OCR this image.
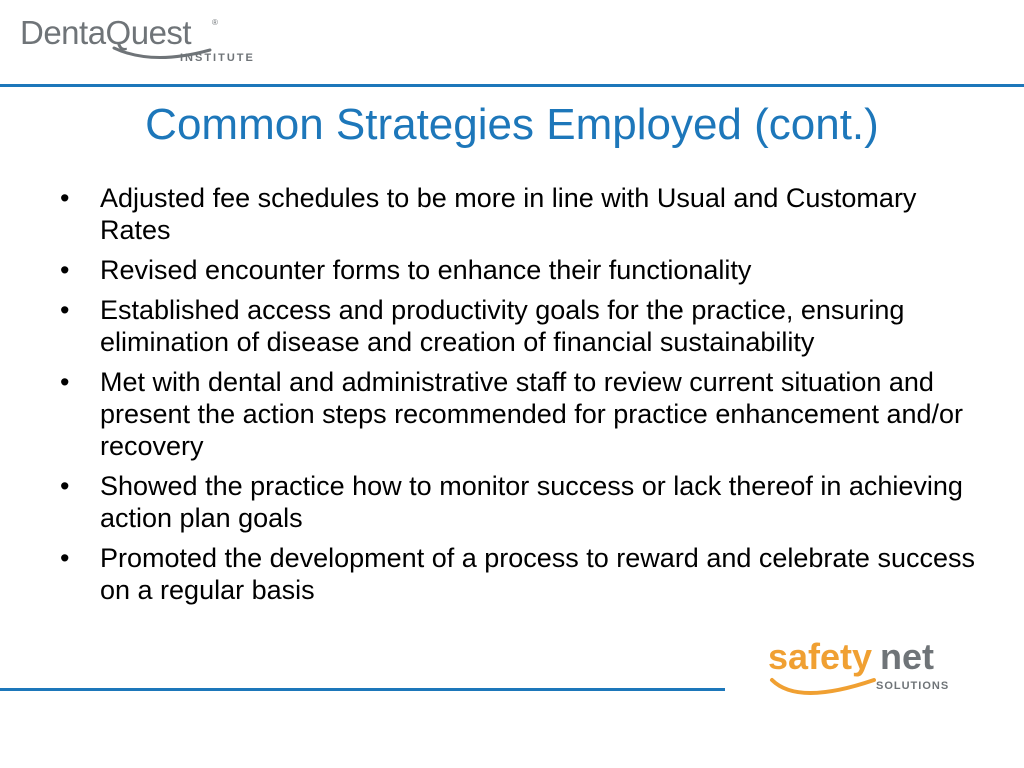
DentaQuest	®
INSTITUTE
Common Strategies Employed (cont.)
• Adjusted fee schedules to be more in line with Usual and Customary Rates
• Revised encounter forms to enhance their functionality
• Established access and productivity goals for the practice, ensuring elimination of disease and creation of financial sustainability
• Met with dental and administrative staff to review current situation and present the action steps recommended for practice enhancement and/or recovery
• Showed the practice how to monitor success or lack thereof in achieving action plan goals
• Promoted the development of a process to reward and celebrate success on a regular basis
safety net
SOLUTIONS
